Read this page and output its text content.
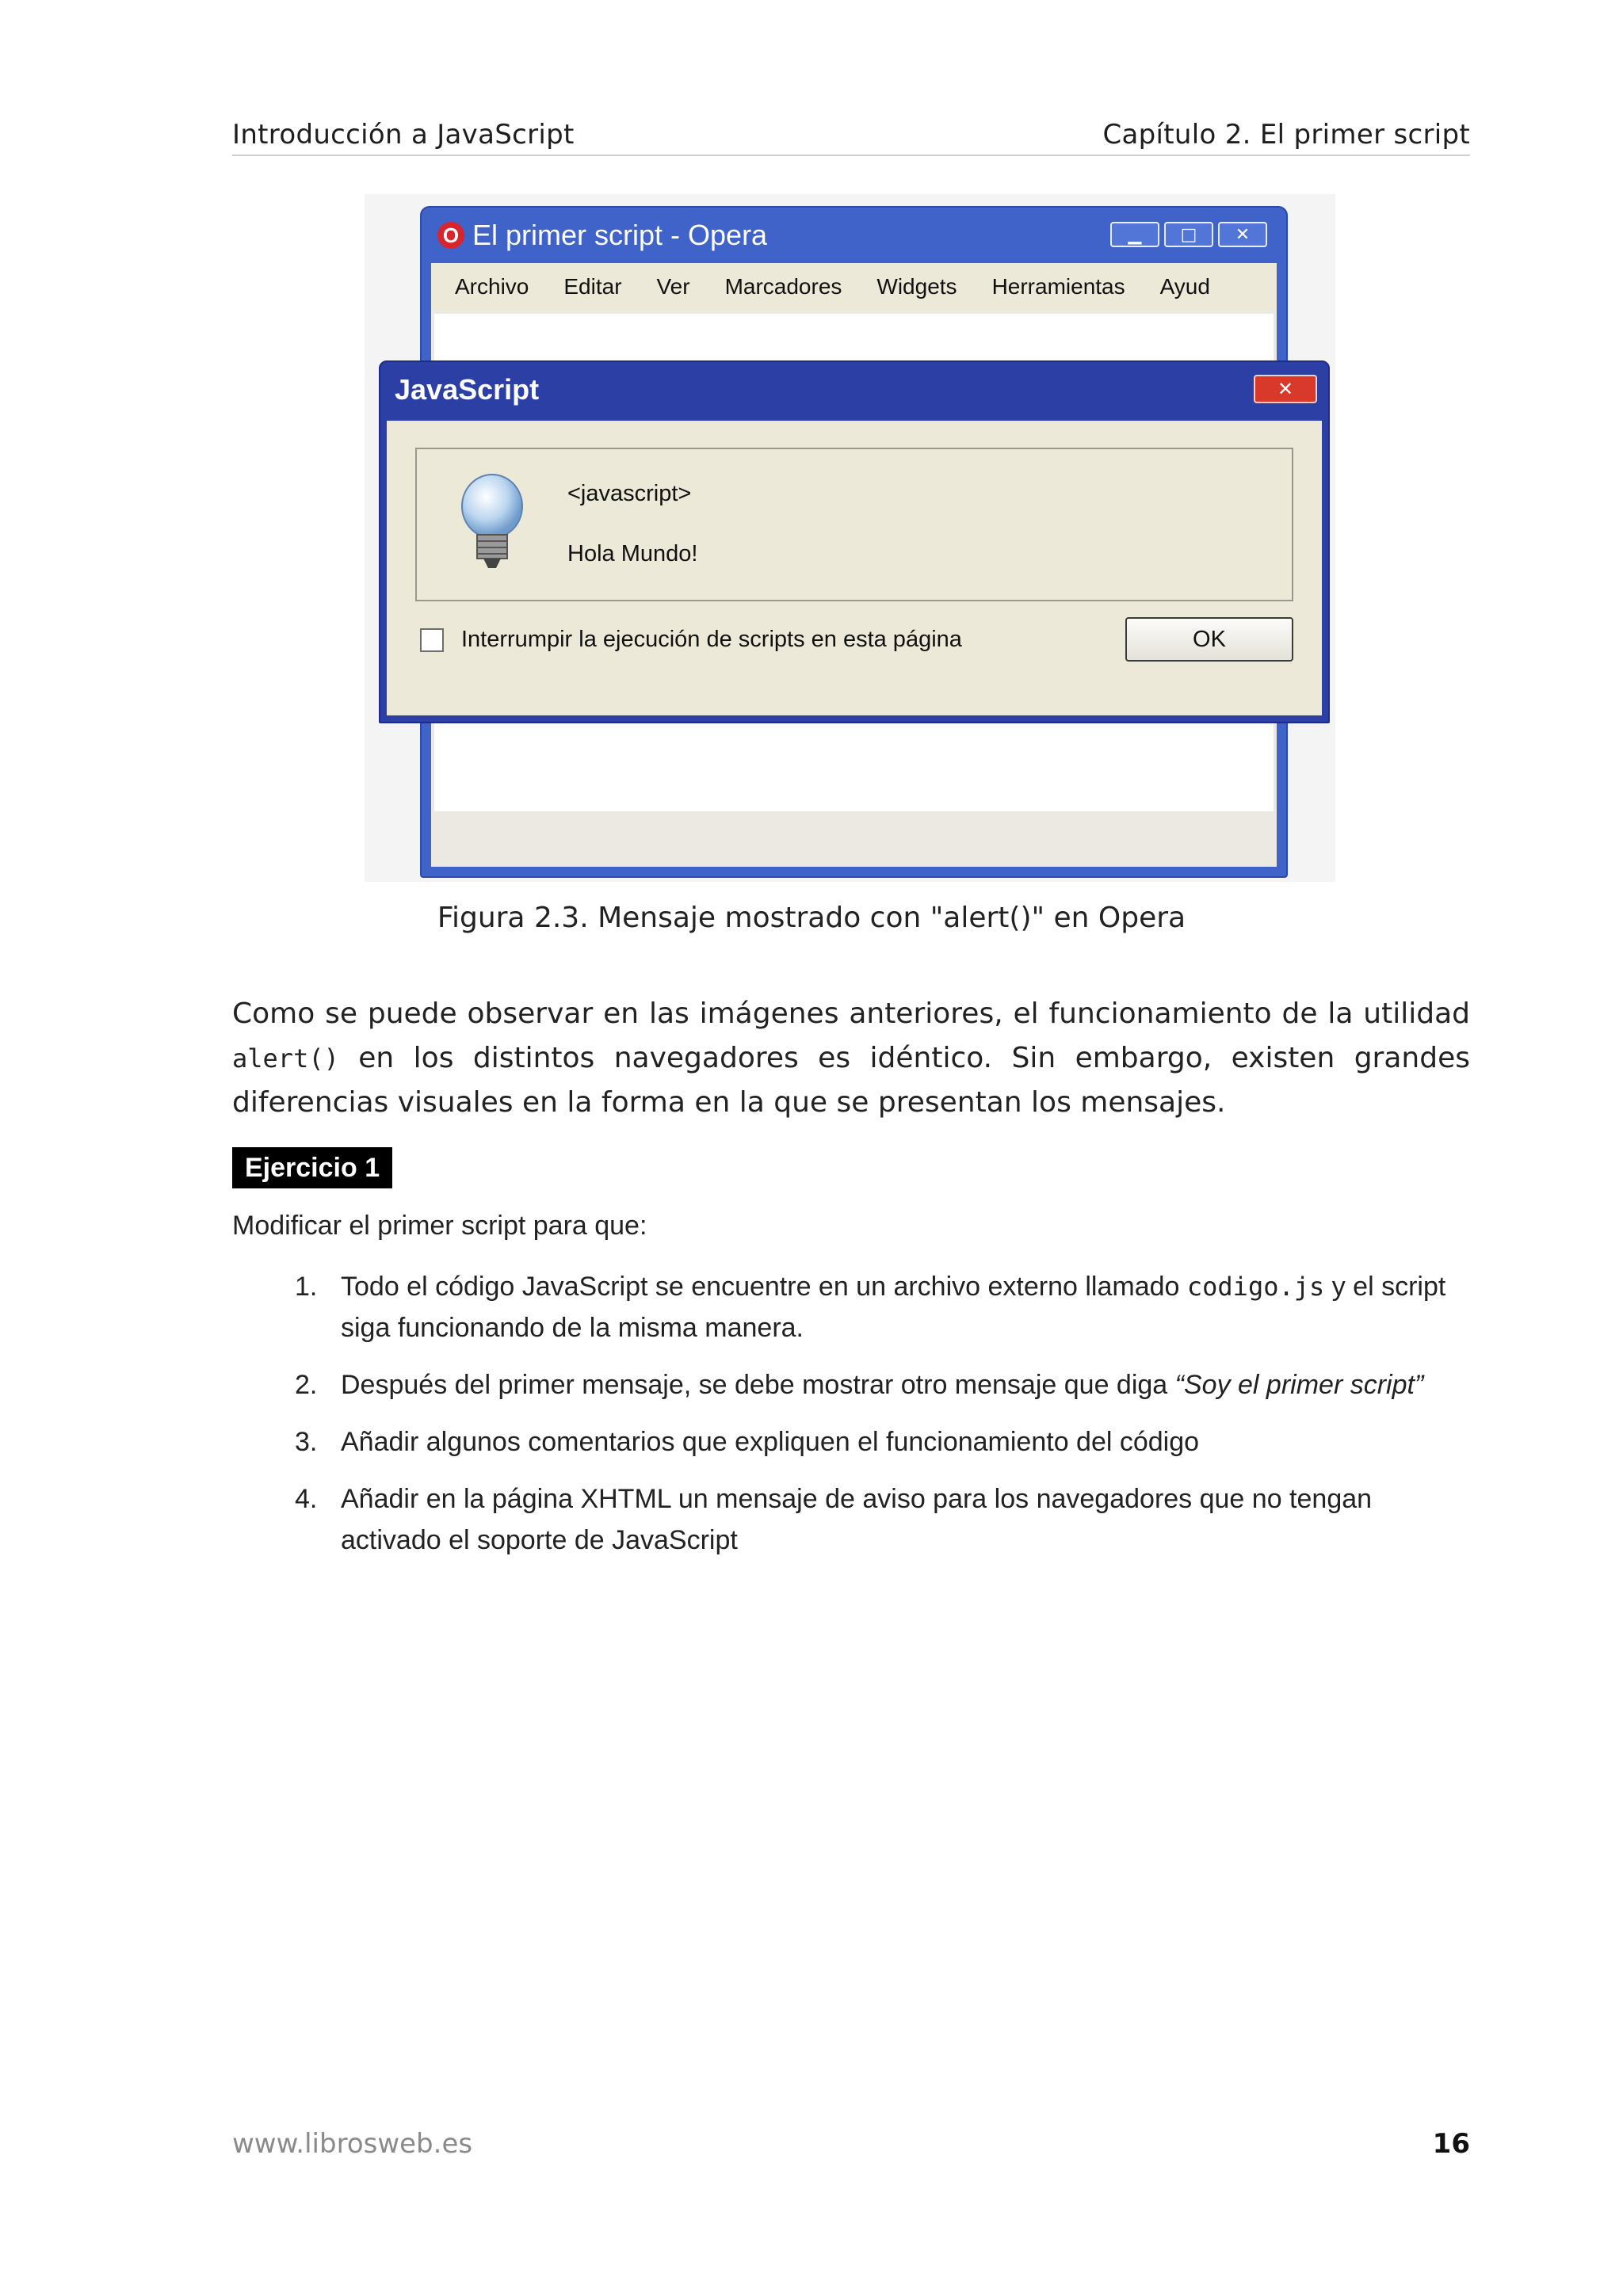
Introducción a JavaScript	Capítulo 2. El primer script
O El primer script - Opera	▁	□	✕
Archivo Editar Ver Marcadores Widgets Herramientas Ayud
JavaScript	✕
<javascript>
Hola Mundo!
Interrumpir la ejecución de scripts en esta página	OK
Figura 2.3. Mensaje mostrado con "alert()" en Opera
Como se puede observar en las imágenes anteriores, el funcionamiento de la utilidad alert() en los distintos navegadores es idéntico. Sin embargo, existen grandes diferencias visuales en la forma en la que se presentan los mensajes.
Ejercicio 1
Modificar el primer script para que:
1. Todo el código JavaScript se encuentre en un archivo externo llamado codigo.js y el script siga funcionando de la misma manera.
2. Después del primer mensaje, se debe mostrar otro mensaje que diga “Soy el primer script”
3. Añadir algunos comentarios que expliquen el funcionamiento del código
4. Añadir en la página XHTML un mensaje de aviso para los navegadores que no tengan activado el soporte de JavaScript
www.librosweb.es	16
